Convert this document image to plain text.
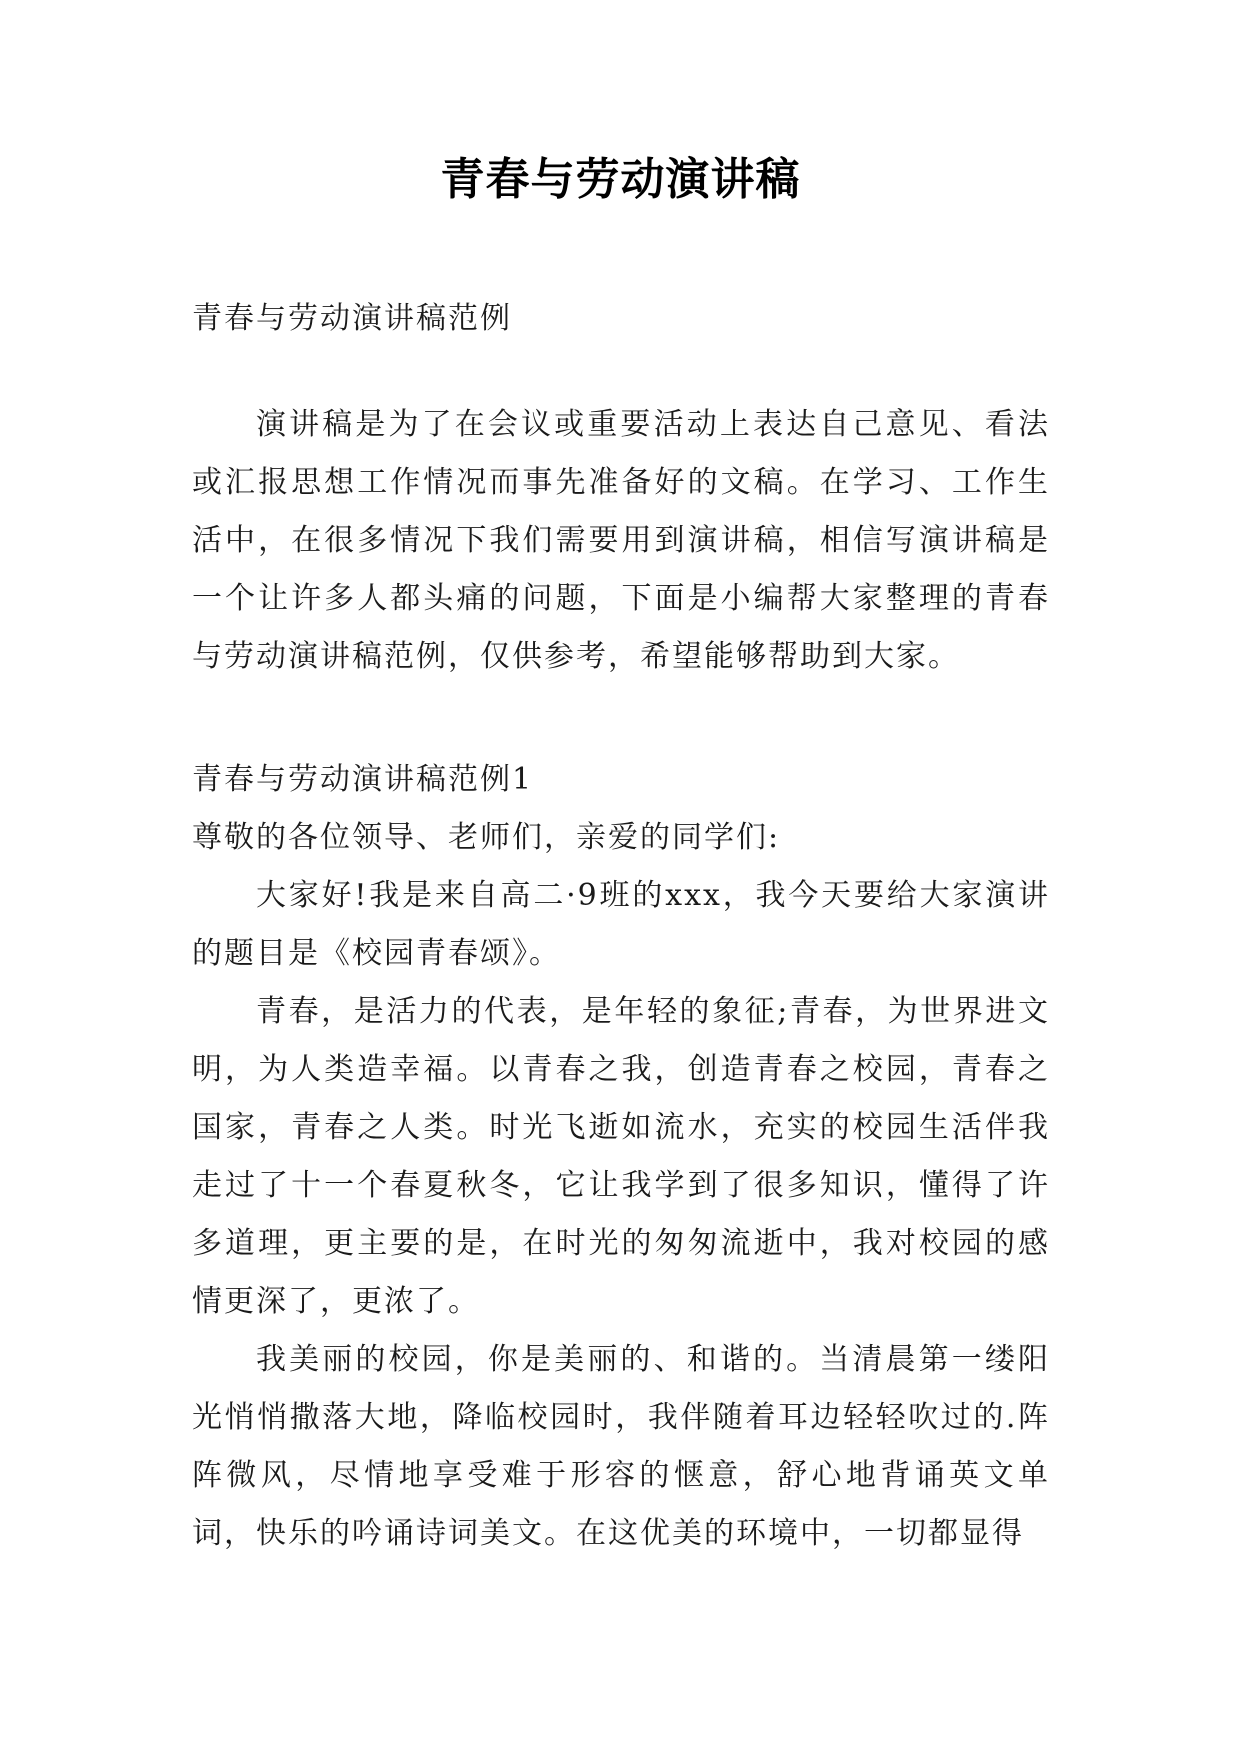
青春与劳动演讲稿
青春与劳动演讲稿范例
演讲稿是为了在会议或重要活动上表达自己意见、看法或汇报思想工作情况而事先准备好的文稿。在学习、工作生活中，在很多情况下我们需要用到演讲稿，相信写演讲稿是一个让许多人都头痛的问题，下面是小编帮大家整理的青春与劳动演讲稿范例，仅供参考，希望能够帮助到大家。
青春与劳动演讲稿范例1
尊敬的各位领导、老师们，亲爱的同学们:
大家好!我是来自高二·9班的xxx，我今天要给大家演讲的题目是《校园青春颂》。
青春，是活力的代表，是年轻的象征;青春，为世界进文明，为人类造幸福。以青春之我，创造青春之校园，青春之国家，青春之人类。时光飞逝如流水，充实的校园生活伴我走过了十一个春夏秋冬，它让我学到了很多知识，懂得了许多道理，更主要的是，在时光的匆匆流逝中，我对校园的感情更深了，更浓了。
我美丽的校园，你是美丽的、和谐的。当清晨第一缕阳光悄悄撒落大地，降临校园时，我伴随着耳边轻轻吹过的.阵阵微风，尽情地享受难于形容的惬意，舒心地背诵英文单词，快乐的吟诵诗词美文。在这优美的环境中，一切都显得
